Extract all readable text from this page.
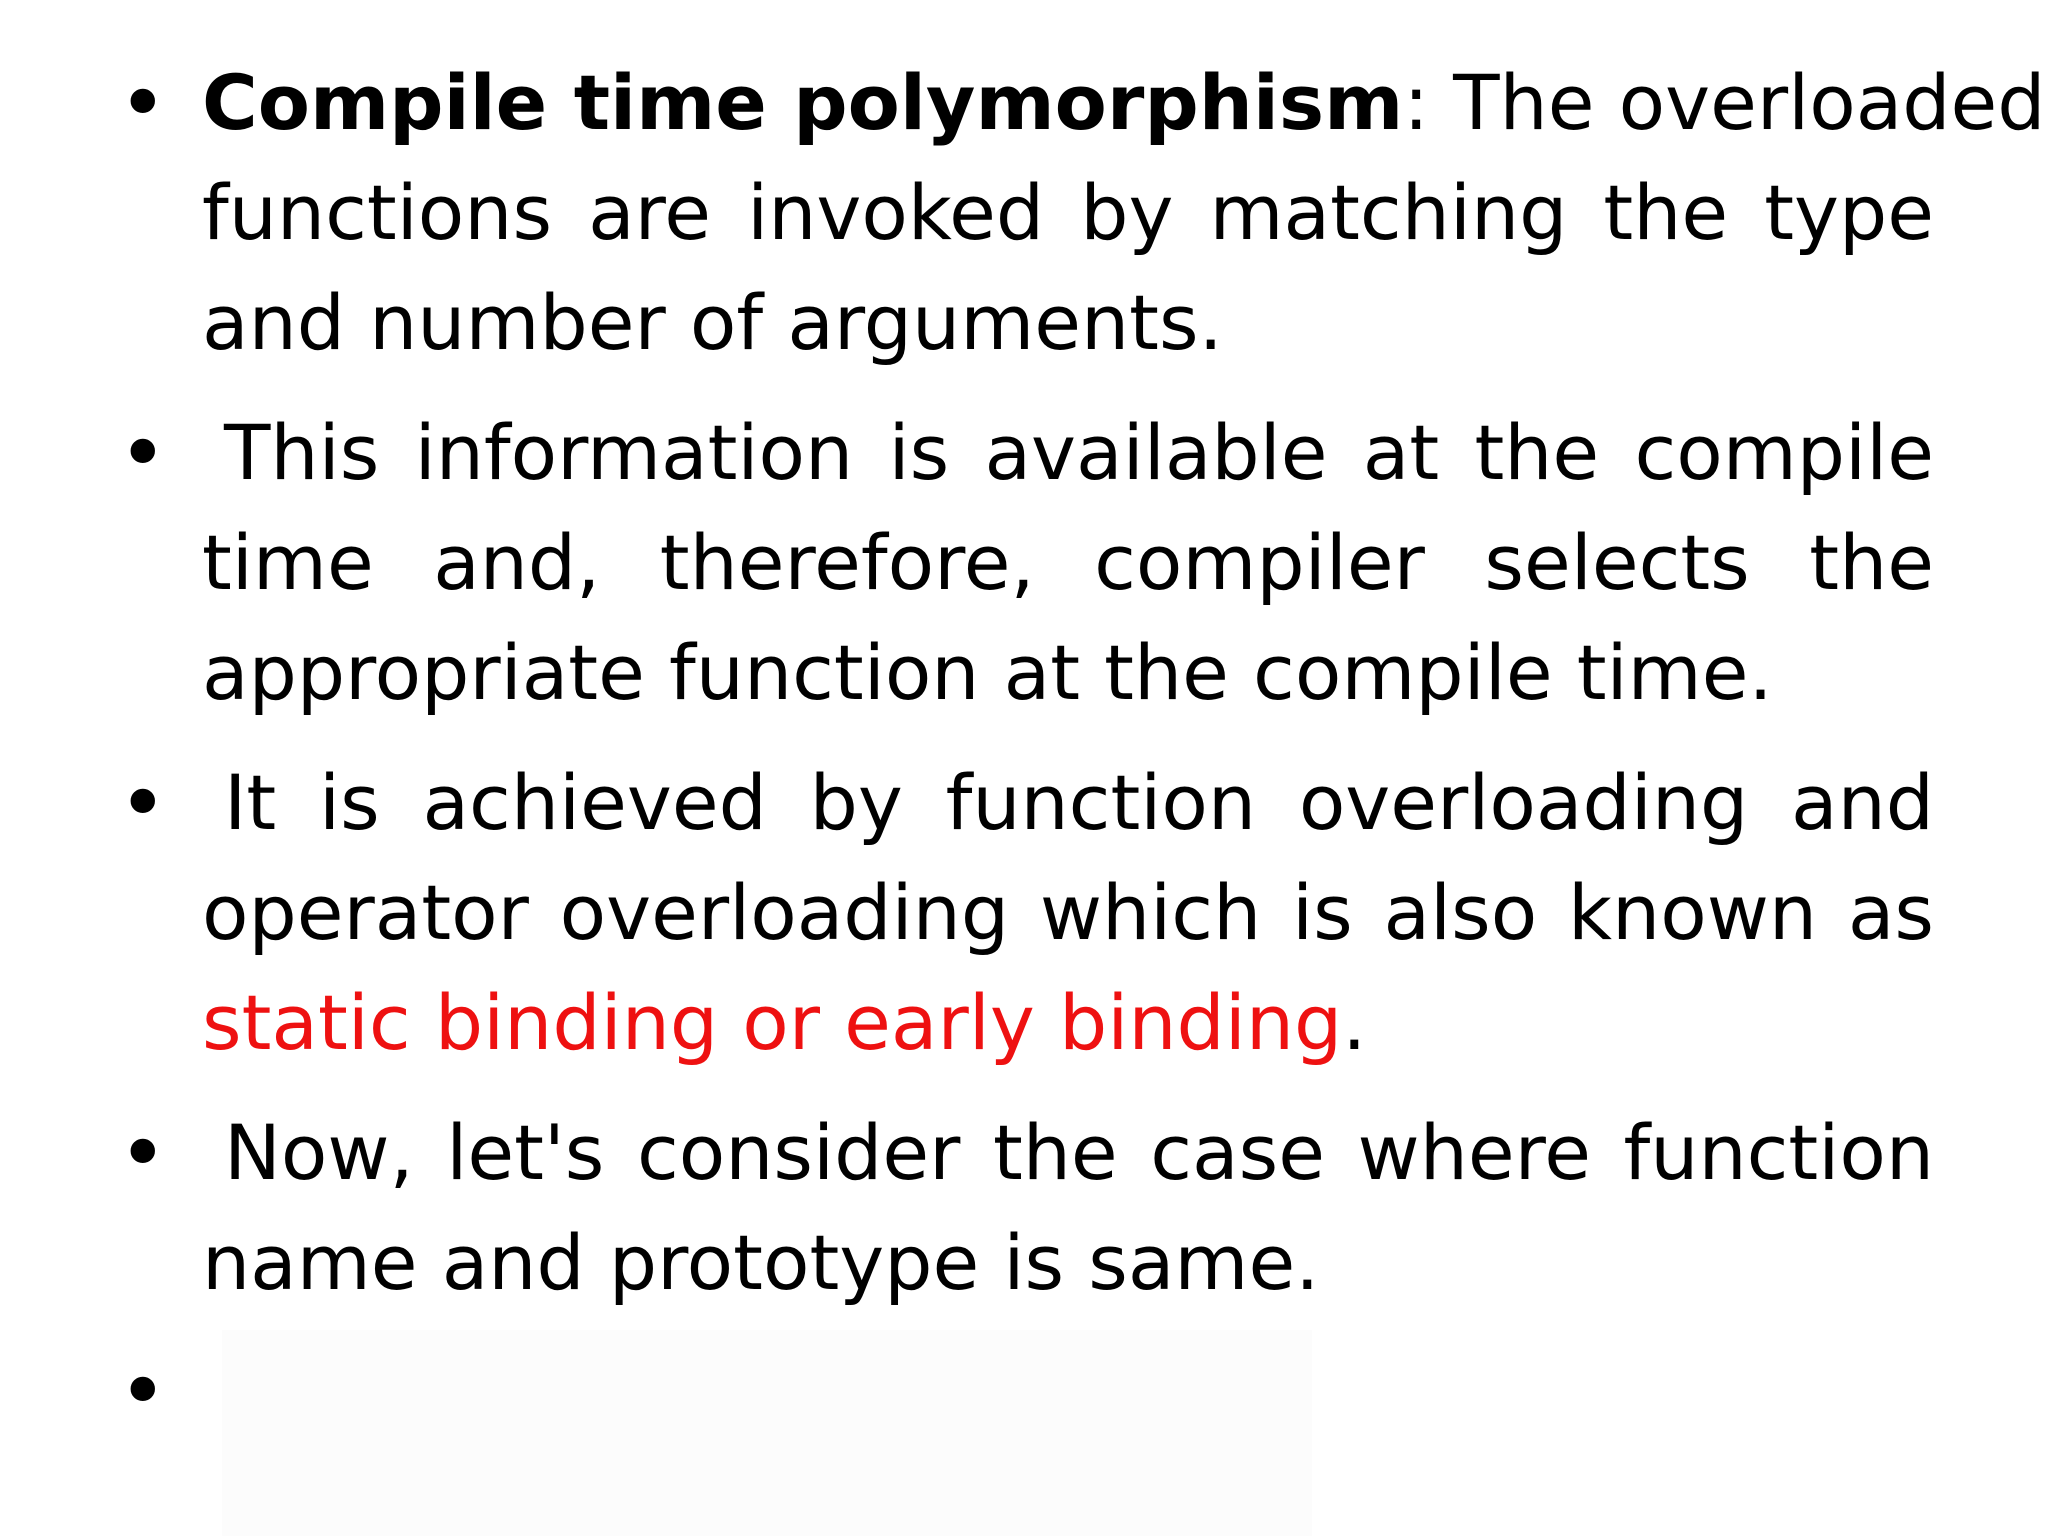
• Compile time polymorphism: The overloaded
functions are invoked by matching the type
and number of arguments.
• This information is available at the compile
time and, therefore, compiler selects the
appropriate function at the compile time.
• It is achieved by function overloading and
operator overloading which is also known as
static binding or early binding.
• Now, let's consider the case where function
name and prototype is same.
•
